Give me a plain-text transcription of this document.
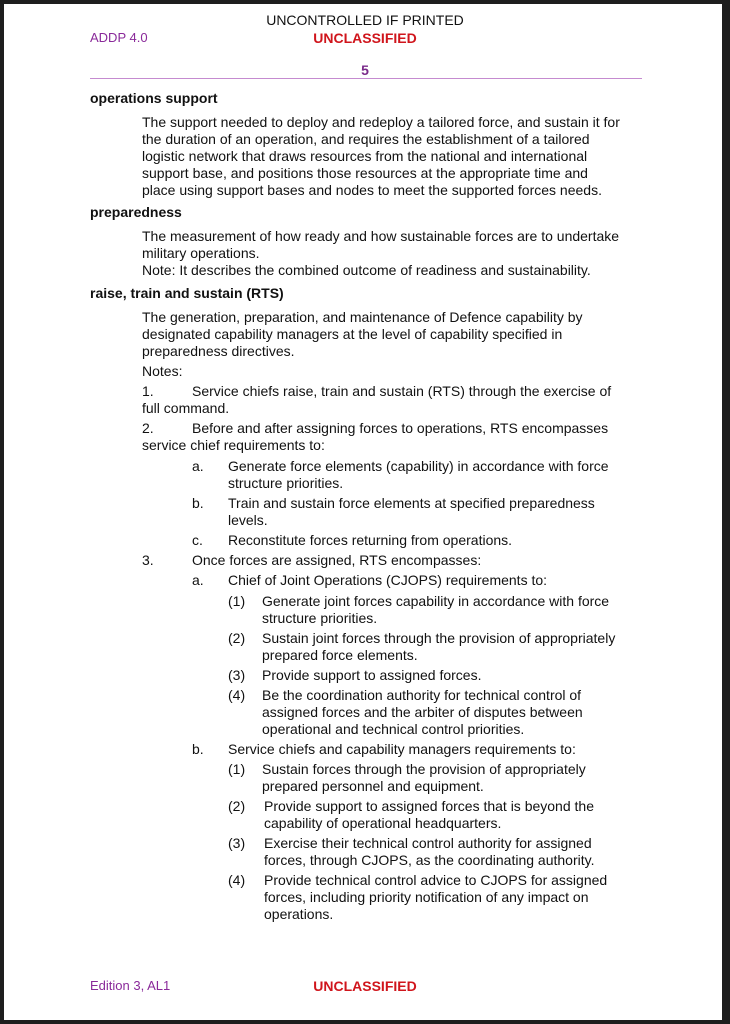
UNCONTROLLED IF PRINTED
ADDP 4.0	UNCLASSIFIED
5
operations support
The support needed to deploy and redeploy a tailored force, and sustain it for
the duration of an operation, and requires the establishment of a tailored
logistic network that draws resources from the national and international
support base, and positions those resources at the appropriate time and
place using support bases and nodes to meet the supported forces needs.
preparedness
The measurement of how ready and how sustainable forces are to undertake
military operations.
Note: It describes the combined outcome of readiness and sustainability.
raise, train and sustain (RTS)
The generation, preparation, and maintenance of Defence capability by
designated capability managers at the level of capability specified in
preparedness directives.
Notes:
1.	Service chiefs raise, train and sustain (RTS) through the exercise of
full command.
2.	Before and after assigning forces to operations, RTS encompasses
service chief requirements to:
a. Generate force elements (capability) in accordance with force
structure priorities.
b. Train and sustain force elements at specified preparedness
levels.
c. Reconstitute forces returning from operations.
3.	Once forces are assigned, RTS encompasses:
a. Chief of Joint Operations (CJOPS) requirements to:
(1) Generate joint forces capability in accordance with force
structure priorities.
(2) Sustain joint forces through the provision of appropriately
prepared force elements.
(3) Provide support to assigned forces.
(4) Be the coordination authority for technical control of
assigned forces and the arbiter of disputes between
operational and technical control priorities.
b. Service chiefs and capability managers requirements to:
(1) Sustain forces through the provision of appropriately
prepared personnel and equipment.
(2) Provide support to assigned forces that is beyond the
capability of operational headquarters.
(3) Exercise their technical control authority for assigned
forces, through CJOPS, as the coordinating authority.
(4) Provide technical control advice to CJOPS for assigned
forces, including priority notification of any impact on
operations.
Edition 3, AL1	UNCLASSIFIED
